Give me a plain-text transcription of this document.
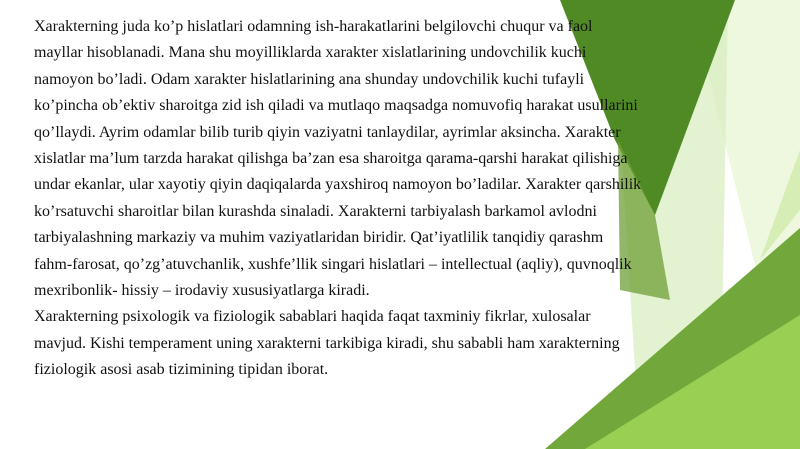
Xarakterning juda ko’p hislatlari odamning ish-harakatlarini belgilovchi chuqur va faol
mayllar hisoblanadi. Mana shu moyilliklarda xarakter xislatlarining undovchilik kuchi
namoyon bo’ladi. Odam xarakter hislatlarining ana shunday undovchilik kuchi tufayli
ko’pincha ob’ektiv sharoitga zid ish qiladi va mutlaqo maqsadga nomuvofiq harakat usullarini
qo’llaydi. Ayrim odamlar bilib turib qiyin vaziyatni tanlaydilar, ayrimlar aksincha. Xarakter
xislatlar ma’lum tarzda harakat qilishga ba’zan esa sharoitga qarama-qarshi harakat qilishiga
undar ekanlar, ular xayotiy qiyin daqiqalarda yaxshiroq namoyon bo’ladilar. Xarakter qarshilik
ko’rsatuvchi sharoitlar bilan kurashda sinaladi. Xarakterni tarbiyalash barkamol avlodni
tarbiyalashning markaziy va muhim vaziyatlaridan biridir. Qat’iyatlilik tanqidiy qarashm
fahm-farosat, qo’zg’atuvchanlik, xushfe’llik singari hislatlari – intellectual (aqliy), quvnoqlik
mexribonlik- hissiy – irodaviy xususiyatlarga kiradi.
Xarakterning psixologik va fiziologik sabablari haqida faqat taxminiy fikrlar, xulosalar
mavjud. Kishi temperament uning xarakterni tarkibiga kiradi, shu sababli ham xarakterning
fiziologik asosi asab tizimining tipidan iborat.
